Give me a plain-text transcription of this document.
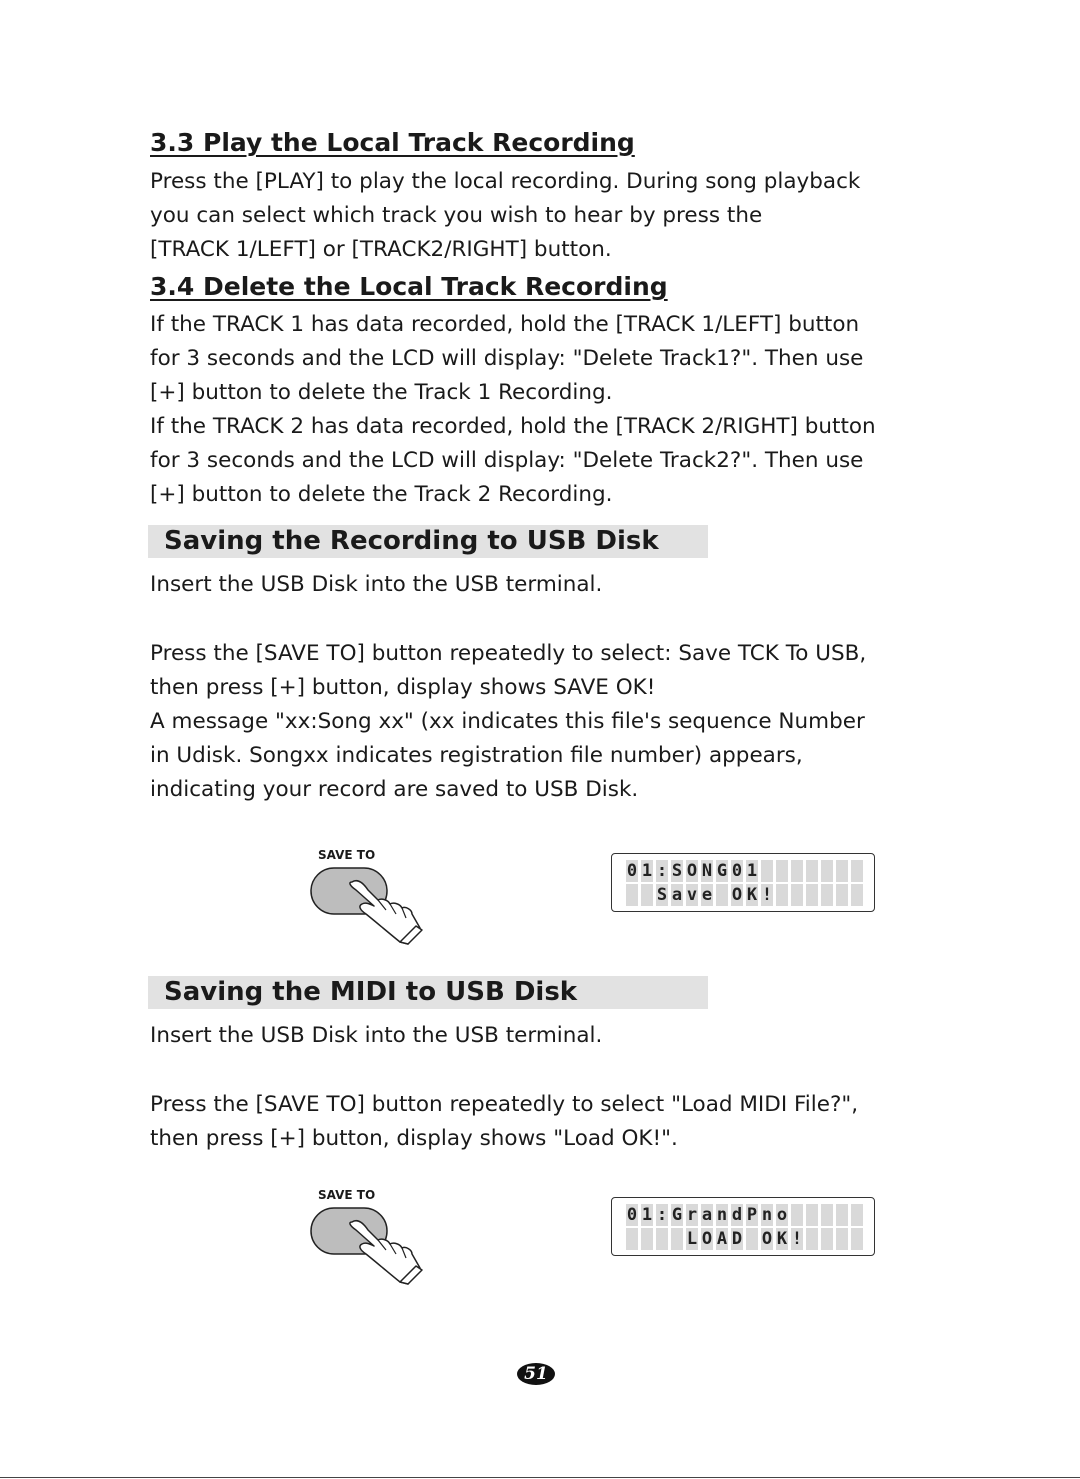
3.3 Play the Local Track Recording
Press the [PLAY] to play the local recording. During song playback
you can select which track you wish to hear by press the
[TRACK 1/LEFT] or [TRACK2/RIGHT] button.
3.4 Delete the Local Track Recording
If the TRACK 1 has data recorded, hold the [TRACK 1/LEFT] button
for 3 seconds and the LCD will display: "Delete Track1?". Then use
[+] button to delete the Track 1 Recording.
If the TRACK 2 has data recorded, hold the [TRACK 2/RIGHT] button
for 3 seconds and the LCD will display: "Delete Track2?". Then use
[+] button to delete the Track 2 Recording.
Saving the Recording to USB Disk
Insert the USB Disk into the USB terminal.
Press the [SAVE TO] button repeatedly to select: Save TCK To USB,
then press [+] button, display shows SAVE OK!
A message "xx:Song xx" (xx indicates this file's sequence Number
in Udisk. Songxx indicates registration file number) appears,
indicating your record are saved to USB Disk.
SAVE TO
0 1 : S O N G 0 1
S a v e O K !
Saving the MIDI to USB Disk
Insert the USB Disk into the USB terminal.
Press the [SAVE TO] button repeatedly to select "Load MIDI File?",
then press [+] button, display shows "Load OK!".
SAVE TO
0 1 : G r a n d P n o
L O A D O K !
51
